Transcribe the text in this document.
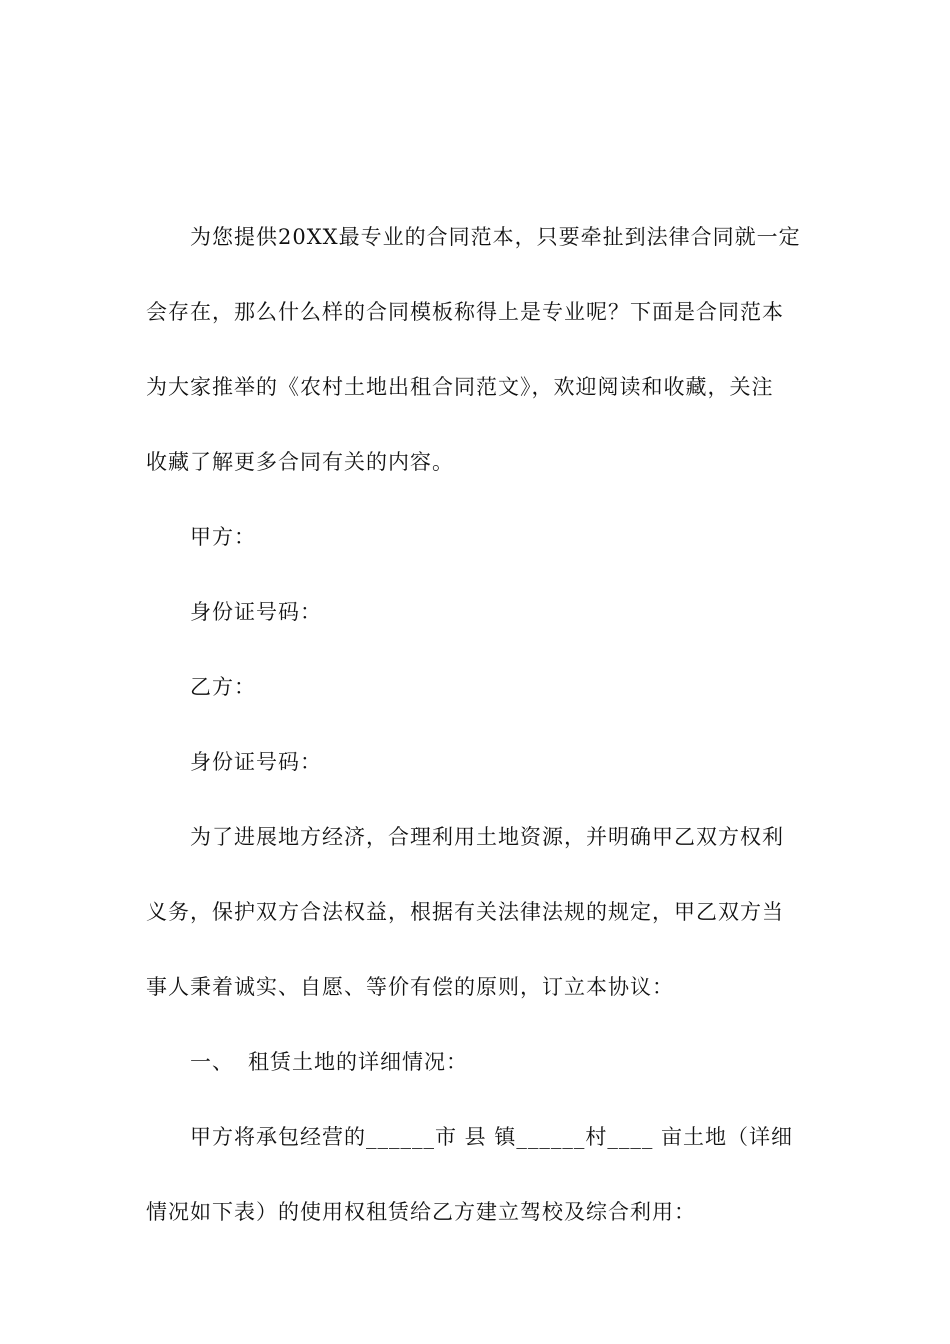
为您提供20XX最专业的合同范本，只要牵扯到法律合同就一定
会存在，那么什么样的合同模板称得上是专业呢？下面是合同范本
为大家推举的《农村土地出租合同范文》，欢迎阅读和收藏，关注
收藏了解更多合同有关的内容。
甲方：
身份证号码：
乙方：
身份证号码：
为了进展地方经济，合理利用土地资源，并明确甲乙双方权利
义务，保护双方合法权益，根据有关法律法规的规定，甲乙双方当
事人秉着诚实、自愿、等价有偿的原则，订立本协议：
一、 租赁土地的详细情况：
甲方将承包经营的______市 县 镇______村____ 亩土地（详细
情况如下表）的使用权租赁给乙方建立驾校及综合利用：
